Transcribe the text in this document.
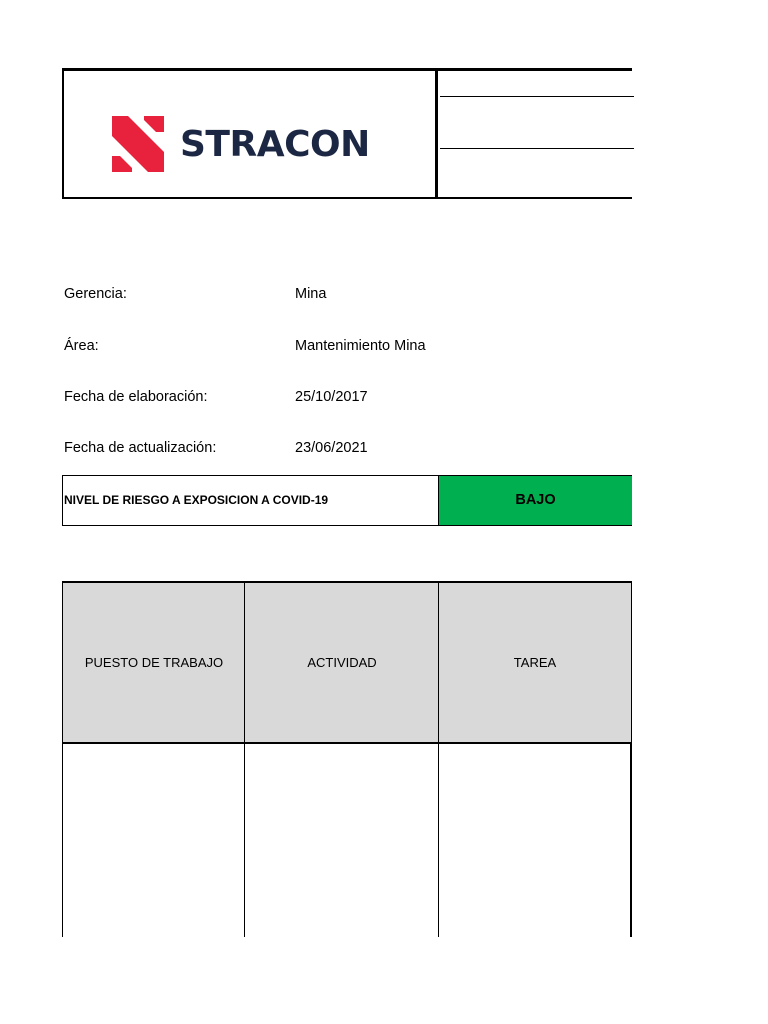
STRACON
Gerencia:	Mina
Área:	Mantenimiento Mina
Fecha de elaboración:	25/10/2017
Fecha de actualización:	23/06/2021
NIVEL DE RIESGO A EXPOSICION A COVID-19	BAJO
PUESTO DE TRABAJO	ACTIVIDAD	TAREA
